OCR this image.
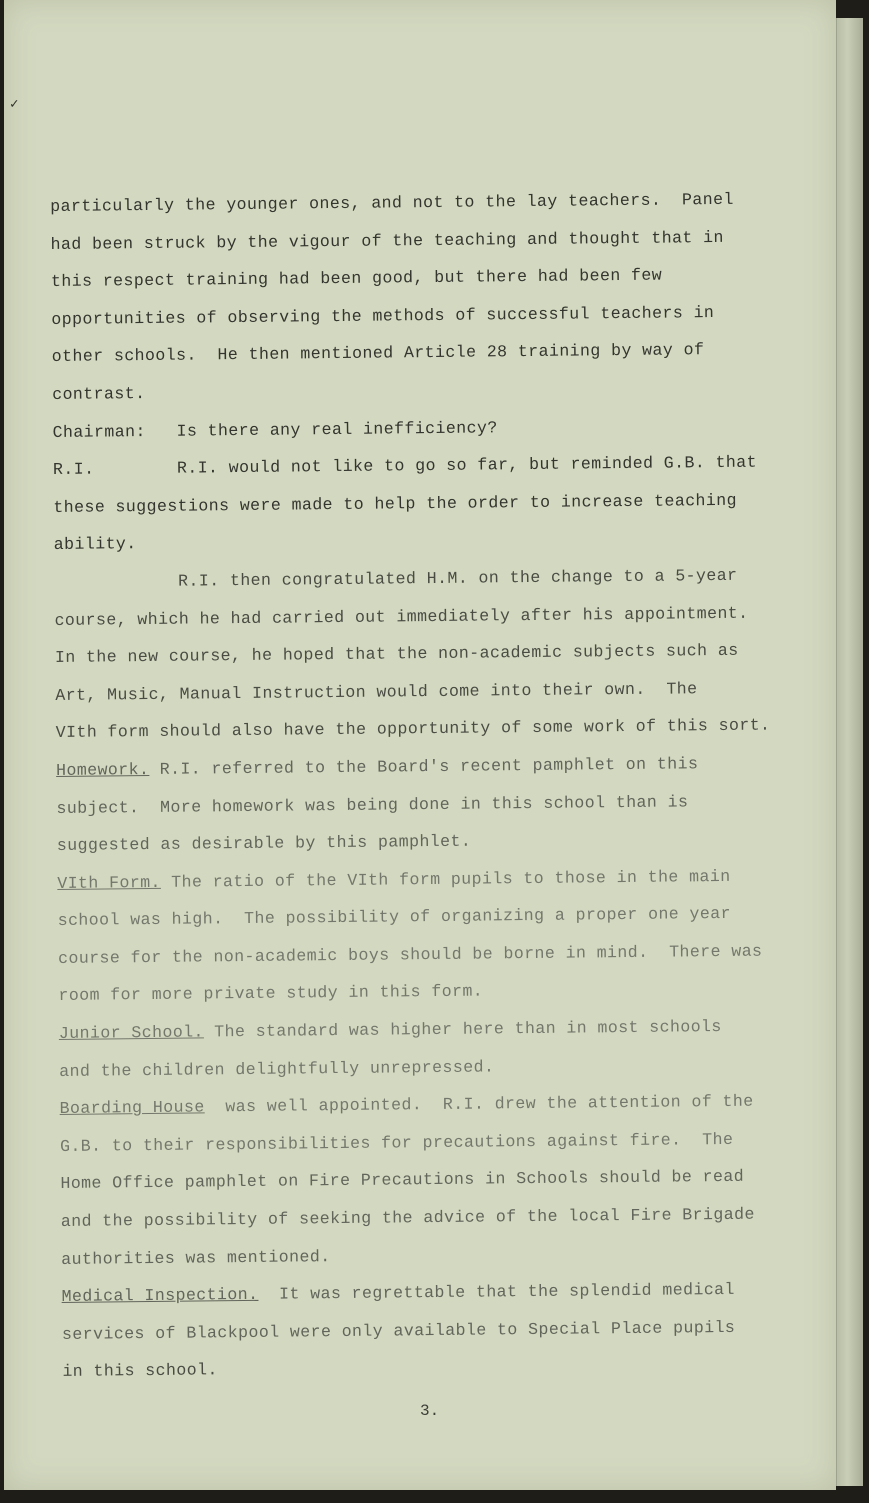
✓
particularly the younger ones, and not to the lay teachers.  Panel
had been struck by the vigour of the teaching and thought that in
this respect training had been good, but there had been few
opportunities of observing the methods of successful teachers in
other schools.  He then mentioned Article 28 training by way of
contrast.
Chairman: Is there any real inefficiency?
R.I.	R.I. would not like to go so far, but reminded G.B. that
these suggestions were made to help the order to increase teaching
ability.
R.I. then congratulated H.M. on the change to a 5-year
course, which he had carried out immediately after his appointment.
In the new course, he hoped that the non-academic subjects such as
Art, Music, Manual Instruction would come into their own.  The
VIth form should also have the opportunity of some work of this sort.
Homework. R.I. referred to the Board's recent pamphlet on this
subject.  More homework was being done in this school than is
suggested as desirable by this pamphlet.
VIth Form. The ratio of the VIth form pupils to those in the main
school was high.  The possibility of organizing a proper one year
course for the non-academic boys should be borne in mind.  There was
room for more private study in this form.
Junior School. The standard was higher here than in most schools
and the children delightfully unrepressed.
Boarding House  was well appointed.  R.I. drew the attention of the
G.B. to their responsibilities for precautions against fire.  The
Home Office pamphlet on Fire Precautions in Schools should be read
and the possibility of seeking the advice of the local Fire Brigade
authorities was mentioned.
Medical Inspection.  It was regrettable that the splendid medical
services of Blackpool were only available to Special Place pupils
in this school.
3.
